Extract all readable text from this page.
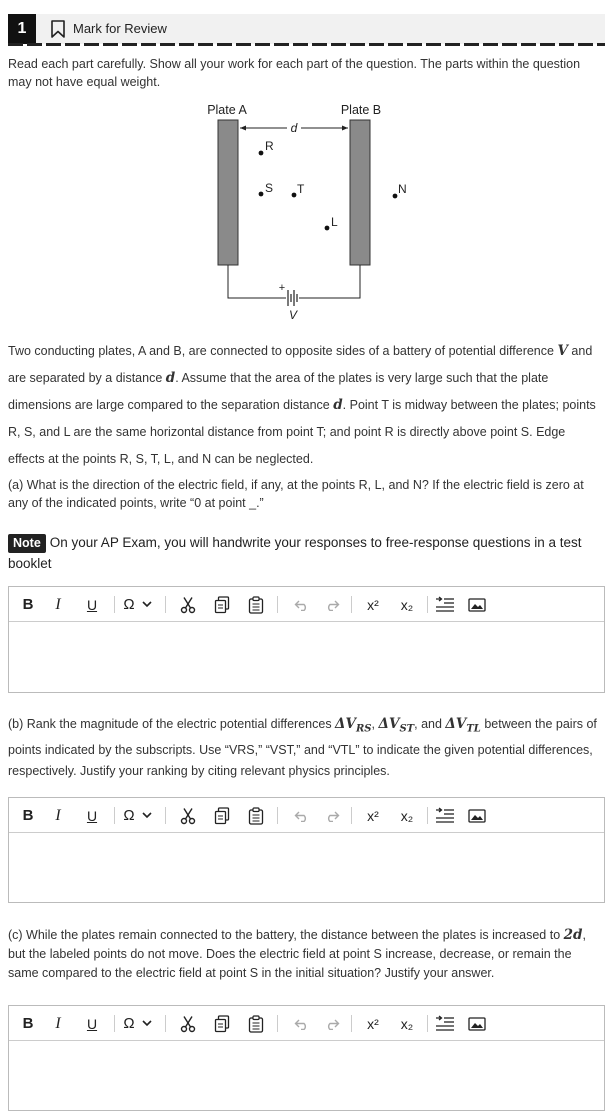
1	Mark for Review
Read each part carefully. Show all your work for each part of the question. The parts within the question may not have equal weight.
Plate A	Plate B
d
R
S T
L
N
+
V
Two conducting plates, A and B, are connected to opposite sides of a battery of potential difference V and are separated by a distance d. Assume that the area of the plates is very large such that the plate dimensions are large compared to the separation distance d. Point T is midway between the plates; points R, S, and L are the same horizontal distance from point T; and point R is directly above point S. Edge effects at the points R, S, T, L, and N can be neglected.
(a) What is the direction of the electric field, if any, at the points R, L, and N? If the electric field is zero at any of the indicated points, write “0 at point _.”
Note On your AP Exam, you will handwrite your responses to free-response questions in a test booklet
B	I	U	Ω	x²	x₂
(b) Rank the magnitude of the electric potential differences $\Delta V_{RS}$, $\Delta V_{ST}$, and $\Delta V_{TL}$ between the pairs of points indicated by the subscripts. Use “VRS,” “VST,” and “VTL” to indicate the given potential differences, respectively. Justify your ranking by citing relevant physics principles.
B	I	U	Ω	x²	x₂
(c) While the plates remain connected to the battery, the distance between the plates is increased to 2d, but the labeled points do not move. Does the electric field at point S increase, decrease, or remain the same compared to the electric field at point S in the initial situation? Justify your answer.
B	I	U	Ω	x²	x₂
